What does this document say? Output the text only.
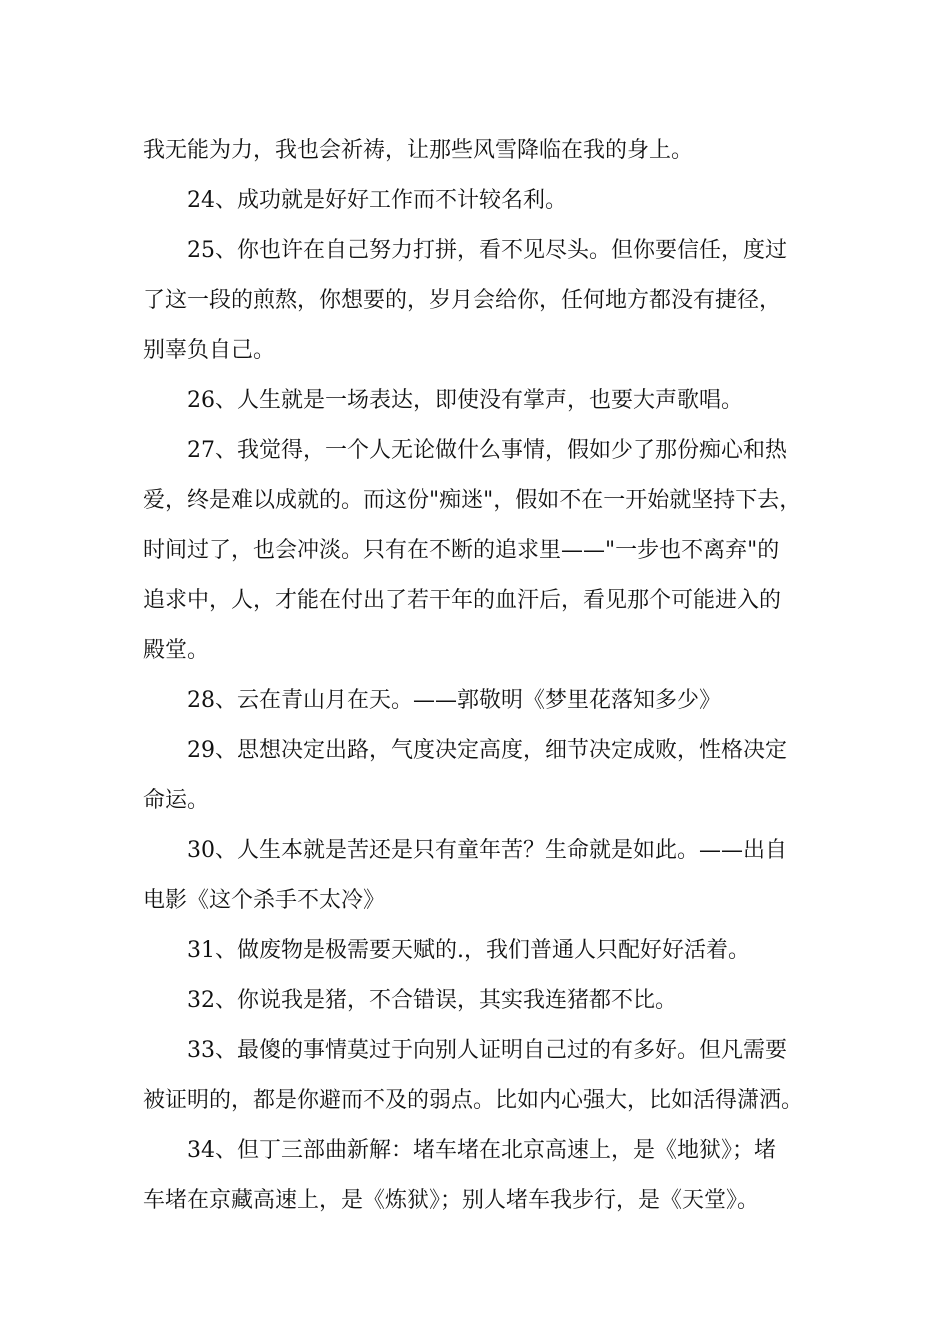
我无能为力，我也会祈祷，让那些风雪降临在我的身上。
24、成功就是好好工作而不计较名利。
25、你也许在自己努力打拼，看不见尽头。但你要信任，度过
了这一段的煎熬，你想要的，岁月会给你，任何地方都没有捷径，
别辜负自己。
26、人生就是一场表达，即使没有掌声，也要大声歌唱。
27、我觉得，一个人无论做什么事情，假如少了那份痴心和热
爱，终是难以成就的。而这份"痴迷"，假如不在一开始就坚持下去，
时间过了，也会冲淡。只有在不断的追求里——"一步也不离弃"的
追求中，人，才能在付出了若干年的血汗后，看见那个可能进入的
殿堂。
28、云在青山月在天。——郭敬明《梦里花落知多少》
29、思想决定出路，气度决定高度，细节决定成败，性格决定
命运。
30、人生本就是苦还是只有童年苦？生命就是如此。——出自
电影《这个杀手不太冷》
31、做废物是极需要天赋的.，我们普通人只配好好活着。
32、你说我是猪，不合错误，其实我连猪都不比。
33、最傻的事情莫过于向别人证明自己过的有多好。但凡需要
被证明的，都是你避而不及的弱点。比如内心强大，比如活得潇洒。
34、但丁三部曲新解：堵车堵在北京高速上，是《地狱》；堵
车堵在京藏高速上，是《炼狱》；别人堵车我步行，是《天堂》。
